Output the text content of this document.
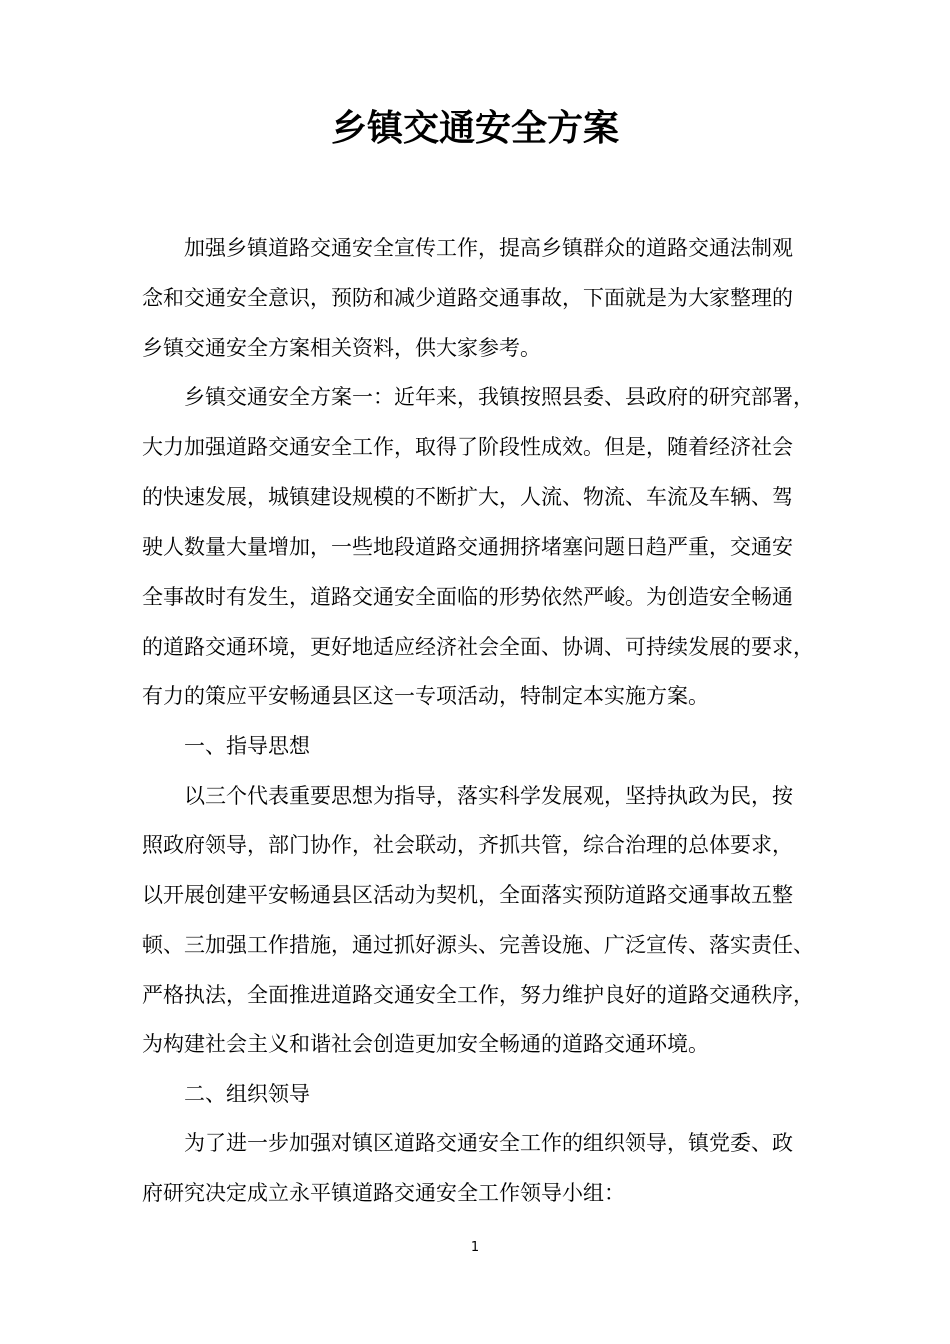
乡镇交通安全方案
加强乡镇道路交通安全宣传工作，提高乡镇群众的道路交通法制观
念和交通安全意识，预防和减少道路交通事故，下面就是为大家整理的
乡镇交通安全方案相关资料，供大家参考。
乡镇交通安全方案一：近年来，我镇按照县委、县政府的研究部署，
大力加强道路交通安全工作，取得了阶段性成效。但是，随着经济社会
的快速发展，城镇建设规模的不断扩大，人流、物流、车流及车辆、驾
驶人数量大量增加，一些地段道路交通拥挤堵塞问题日趋严重，交通安
全事故时有发生，道路交通安全面临的形势依然严峻。为创造安全畅通
的道路交通环境，更好地适应经济社会全面、协调、可持续发展的要求，
有力的策应平安畅通县区这一专项活动，特制定本实施方案。
一、指导思想
以三个代表重要思想为指导，落实科学发展观，坚持执政为民，按
照政府领导，部门协作，社会联动，齐抓共管，综合治理的总体要求，
以开展创建平安畅通县区活动为契机，全面落实预防道路交通事故五整
顿、三加强工作措施，通过抓好源头、完善设施、广泛宣传、落实责任、
严格执法，全面推进道路交通安全工作，努力维护良好的道路交通秩序，
为构建社会主义和谐社会创造更加安全畅通的道路交通环境。
二、组织领导
为了进一步加强对镇区道路交通安全工作的组织领导，镇党委、政
府研究决定成立永平镇道路交通安全工作领导小组：
1
